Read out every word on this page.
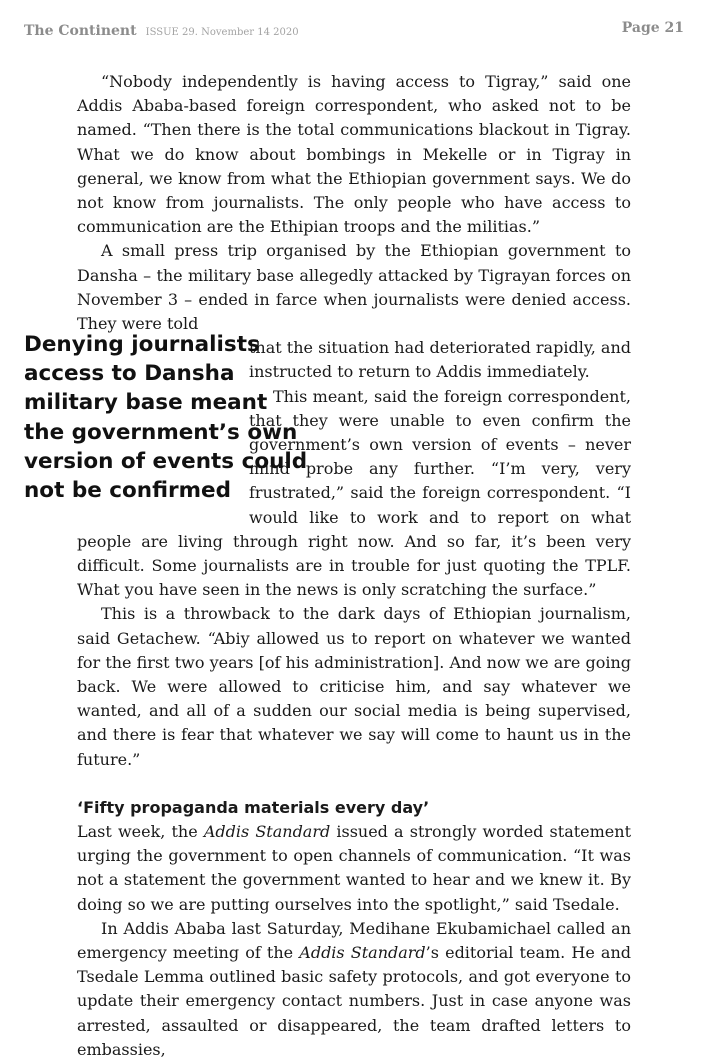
The Continent ISSUE 29. November 14 2020	Page 21

“Nobody independently is having access to Tigray,” said one Addis Ababa-based foreign correspondent, who asked not to be named. “Then there is the total communications blackout in Tigray. What we do know about bombings in Mekelle or in Tigray in general, we know from what the Ethiopian government says. We do not know from journalists. The only people who have access to communication are the Ethipian troops and the militias.”

A small press trip organised by the Ethiopian government to Dansha – the military base allegedly attacked by Tigrayan forces on November 3 – ended in farce when journalists were denied access. They were told

that the situation had deteriorated rapidly, and instructed to return to Addis immediately.

This meant, said the foreign correspondent, that they were unable to even confirm the government’s own version of events – never mind probe any further. “I’m very, very frustrated,” said the foreign correspondent. “I would like to work and to report on what people are living through right now. And so far, it’s been very difficult. Some journalists are in trouble for just quoting the TPLF. What you have seen in the news is only scratching the surface.”

This is a throwback to the dark days of Ethiopian journalism, said Getachew. “Abiy allowed us to report on whatever we wanted for the first two years [of his administration]. And now we are going back. We were allowed to criticise him, and say whatever we wanted, and all of a sudden our social media is being supervised, and there is fear that whatever we say will come to haunt us in the future.”

‘Fifty propaganda materials every day’

Last week, the Addis Standard issued a strongly worded statement urging the government to open channels of communication. “It was not a statement the government wanted to hear and we knew it. By doing so we are putting ourselves into the spotlight,” said Tsedale.

In Addis Ababa last Saturday, Medihane Ekubamichael called an emergency meeting of the Addis Standard’s editorial team. He and Tsedale Lemma outlined basic safety protocols, and got everyone to update their emergency contact numbers. Just in case anyone was arrested, assaulted or disappeared, the team drafted letters to embassies,

Denying journalists access to Dansha military base meant the government’s own version of events could not be confirmed
